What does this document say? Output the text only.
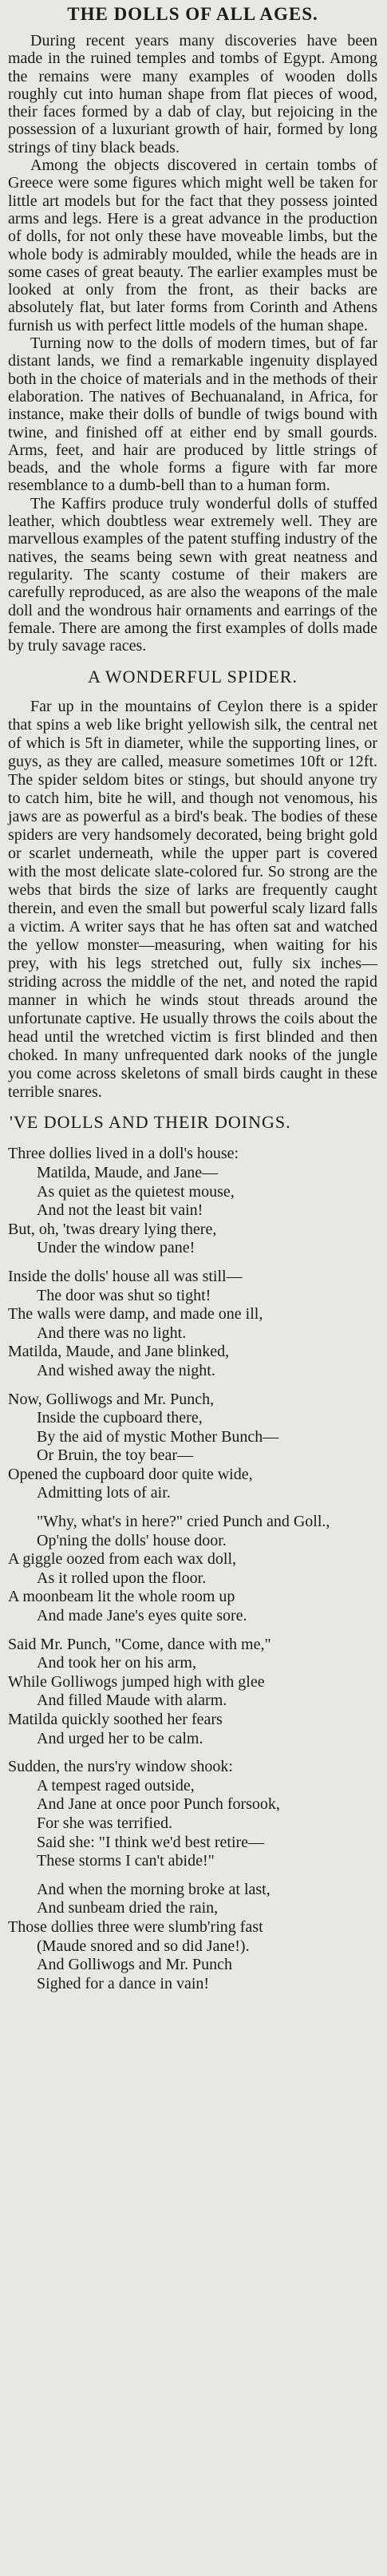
THE DOLLS OF ALL AGES.

During recent years many discoveries have been made in the ruined temples and tombs of Egypt. Among the remains were many examples of wooden dolls roughly cut into human shape from flat pieces of wood, their faces formed by a dab of clay, but rejoicing in the possession of a luxuriant growth of hair, formed by long strings of tiny black beads.

Among the objects discovered in certain tombs of Greece were some figures which might well be taken for little art models but for the fact that they possess jointed arms and legs. Here is a great advance in the production of dolls, for not only these have moveable limbs, but the whole body is admirably moulded, while the heads are in some cases of great beauty. The earlier examples must be looked at only from the front, as their backs are absolutely flat, but later forms from Corinth and Athens furnish us with perfect little models of the human shape.

Turning now to the dolls of modern times, but of far distant lands, we find a remarkable ingenuity displayed both in the choice of materials and in the methods of their elaboration. The natives of Bechuanaland, in Africa, for instance, make their dolls of bundle of twigs bound with twine, and finished off at either end by small gourds. Arms, feet, and hair are produced by little strings of beads, and the whole forms a figure with far more resemblance to a dumb-bell than to a human form.

The Kaffirs produce truly wonderful dolls of stuffed leather, which doubtless wear extremely well. They are marvellous examples of the patent stuffing industry of the natives, the seams being sewn with great neatness and regularity. The scanty costume of their makers are carefully reproduced, as are also the weapons of the male doll and the wondrous hair ornaments and earrings of the female. There are among the first examples of dolls made by truly savage races.

A WONDERFUL SPIDER.

Far up in the mountains of Ceylon there is a spider that spins a web like bright yellowish silk, the central net of which is 5ft in diameter, while the supporting lines, or guys, as they are called, measure sometimes 10ft or 12ft. The spider seldom bites or stings, but should anyone try to catch him, bite he will, and though not venomous, his jaws are as powerful as a bird's beak. The bodies of these spiders are very handsomely decorated, being bright gold or scarlet underneath, while the upper part is covered with the most delicate slate-colored fur. So strong are the webs that birds the size of larks are frequently caught therein, and even the small but powerful scaly lizard falls a victim. A writer says that he has often sat and watched the yellow monster—measuring, when waiting for his prey, with his legs stretched out, fully six inches—striding across the middle of the net, and noted the rapid manner in which he winds stout threads around the unfortunate captive. He usually throws the coils about the head until the wretched victim is first blinded and then choked. In many unfrequented dark nooks of the jungle you come across skeletons of small birds caught in these terrible snares.

'VE DOLLS AND THEIR DOINGS.
Three dollies lived in a doll's house:
Matilda, Maude, and Jane—
As quiet as the quietest mouse,
And not the least bit vain!
But, oh, 'twas dreary lying there,
Under the window pane!
Inside the dolls' house all was still—
The door was shut so tight!
The walls were damp, and made one ill,
And there was no light.
Matilda, Maude, and Jane blinked,
And wished away the night.
Now, Golliwogs and Mr. Punch,
Inside the cupboard there,
By the aid of mystic Mother Bunch—
Or Bruin, the toy bear—
Opened the cupboard door quite wide,
Admitting lots of air.
"Why, what's in here?" cried Punch and Goll.,
Op'ning the dolls' house door.
A giggle oozed from each wax doll,
As it rolled upon the floor.
A moonbeam lit the whole room up
And made Jane's eyes quite sore.
Said Mr. Punch, "Come, dance with me,"
And took her on his arm,
While Golliwogs jumped high with glee
And filled Maude with alarm.
Matilda quickly soothed her fears
And urged her to be calm.
Sudden, the nurs'ry window shook:
A tempest raged outside,
And Jane at once poor Punch forsook,
For she was terrified.
Said she: "I think we'd best retire—
These storms I can't abide!"
And when the morning broke at last,
And sunbeam dried the rain,
Those dollies three were slumb'ring fast
(Maude snored and so did Jane!).
And Golliwogs and Mr. Punch
Sighed for a dance in vain!
